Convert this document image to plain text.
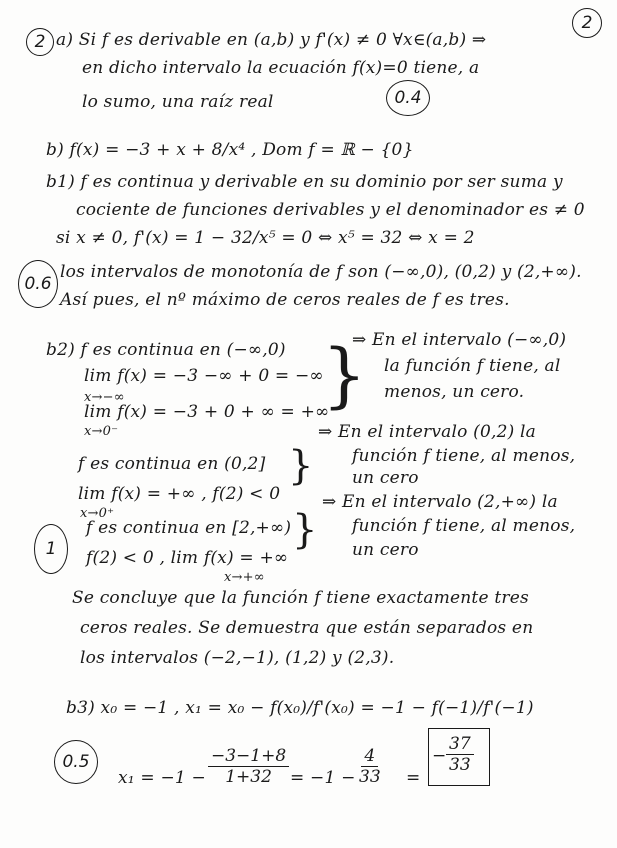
2
2 a) Si f es derivable en (a,b) y f'(x) ≠ 0 ∀x∈(a,b) ⇒
en dicho intervalo la ecuación f(x)=0 tiene, a
lo sumo, una raíz real	0.4
b) f(x) = −3 + x + 8/x⁴ , Dom f = ℝ − {0}
b1) f es continua y derivable en su dominio por ser suma y
cociente de funciones derivables y el denominador es ≠ 0
si x ≠ 0, f'(x) = 1 − 32/x⁵ = 0 ⇔ x⁵ = 32 ⇔ x = 2
los intervalos de monotonía de f son (−∞,0), (0,2) y (2,+∞).
Así pues, el nº máximo de ceros reales de f es tres.
0.6
b2) f es continua en (−∞,0)
lim f(x) = −3 −∞ + 0 = −∞
x→−∞
lim f(x) = −3 + 0 + ∞ = +∞
x→0⁻
}
⇒ En el intervalo (−∞,0)
la función f tiene, al
menos, un cero.
f es continua en (0,2]
lim f(x) = +∞ , f(2) < 0
x→0⁺
}
⇒ En el intervalo (0,2) la
función f tiene, al menos,
un cero
f es continua en [2,+∞)
f(2) < 0 , lim f(x) = +∞
x→+∞
}
⇒ En el intervalo (2,+∞) la
función f tiene, al menos,
un cero
1
Se concluye que la función f tiene exactamente tres
ceros reales. Se demuestra que están separados en
los intervalos (−2,−1), (1,2) y (2,3).
b3) x₀ = −1 , x₁ = x₀ − f(x₀)/f'(x₀) = −1 − f(−1)/f'(−1)
$x_1 = -1 - \frac{-3-1+8}{1+32} = -1 - \frac{4}{33}$ =
− $\frac{37}{33}$
0.5
